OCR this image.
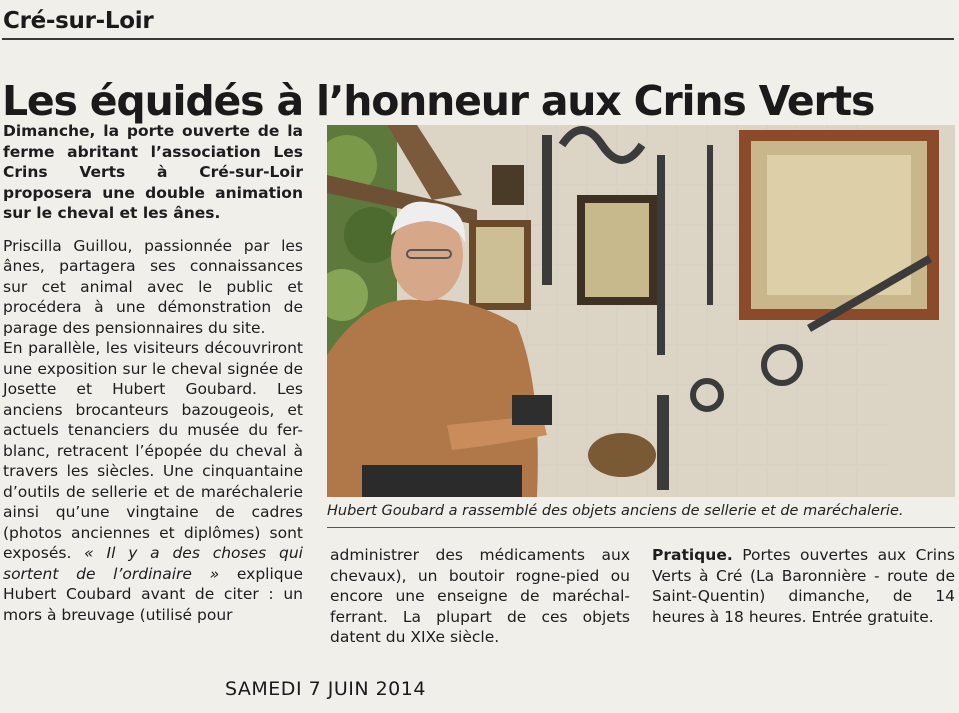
Cré-sur-Loir
Les équidés à l’honneur aux Crins Verts

Dimanche, la porte ouverte de la ferme abritant l’association Les Crins Verts à Cré-sur-Loir proposera une double animation sur le cheval et les ânes.

Priscilla Guillou, passionnée par les ânes, partagera ses connaissances sur cet animal avec le public et procédera à une démonstration de parage des pensionnaires du site.

En parallèle, les visiteurs découvriront une exposition sur le cheval signée de Josette et Hubert Goubard. Les anciens brocanteurs bazougeois, et actuels tenanciers du musée du fer-blanc, retracent l’épopée du cheval à travers les siècles. Une cinquantaine d’outils de sellerie et de maréchalerie ainsi qu’une vingtaine de cadres (photos anciennes et diplômes) sont exposés. « Il y a des choses qui sortent de l’ordinaire » explique Hubert Coubard avant de citer : un mors à breuvage (utilisé pour

Hubert Goubard a rassemblé des objets anciens de sellerie et de maréchalerie.

administrer des médicaments aux chevaux), un boutoir rogne-pied ou encore une enseigne de maréchal-ferrant. La plupart de ces objets datent du XIXe siècle.

Pratique. Portes ouvertes aux Crins Verts à Cré (La Baronnière - route de Saint-Quentin) dimanche, de 14 heures à 18 heures. Entrée gratuite.

SAMEDI 7 JUIN 2014
